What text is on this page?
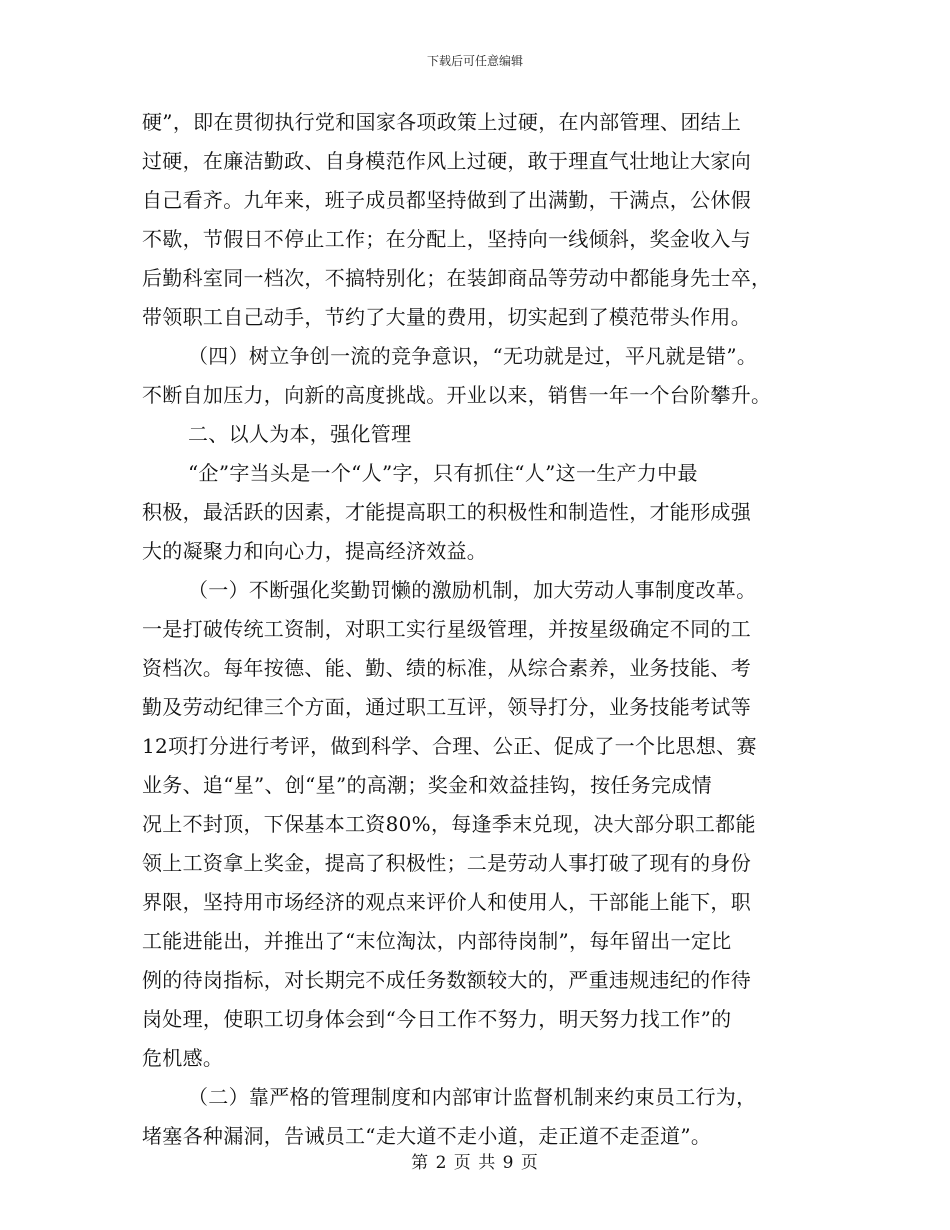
下载后可任意编辑
硬”，即在贯彻执行党和国家各项政策上过硬，在内部管理、团结上
过硬，在廉洁勤政、自身模范作风上过硬，敢于理直气壮地让大家向
自己看齐。九年来，班子成员都坚持做到了出满勤，干满点，公休假
不歇，节假日不停止工作；在分配上，坚持向一线倾斜，奖金收入与
后勤科室同一档次，不搞特别化；在装卸商品等劳动中都能身先士卒，
带领职工自己动手，节约了大量的费用，切实起到了模范带头作用。
（四）树立争创一流的竞争意识，“无功就是过，平凡就是错”。
不断自加压力，向新的高度挑战。开业以来，销售一年一个台阶攀升。
二、以人为本，强化管理
“企”字当头是一个“人”字，只有抓住“人”这一生产力中最
积极，最活跃的因素，才能提高职工的积极性和制造性，才能形成强
大的凝聚力和向心力，提高经济效益。
（一）不断强化奖勤罚懒的激励机制，加大劳动人事制度改革。
一是打破传统工资制，对职工实行星级管理，并按星级确定不同的工
资档次。每年按德、能、勤、绩的标准，从综合素养，业务技能、考
勤及劳动纪律三个方面，通过职工互评，领导打分，业务技能考试等
12项打分进行考评，做到科学、合理、公正、促成了一个比思想、赛
业务、追“星”、创“星”的高潮；奖金和效益挂钩，按任务完成情
况上不封顶，下保基本工资80%，每逢季末兑现，决大部分职工都能
领上工资拿上奖金，提高了积极性；二是劳动人事打破了现有的身份
界限，坚持用市场经济的观点来评价人和使用人，干部能上能下，职
工能进能出，并推出了“末位淘汰，内部待岗制”，每年留出一定比
例的待岗指标，对长期完不成任务数额较大的，严重违规违纪的作待
岗处理，使职工切身体会到“今日工作不努力，明天努力找工作”的
危机感。
（二）靠严格的管理制度和内部审计监督机制来约束员工行为，
堵塞各种漏洞，告诫员工“走大道不走小道，走正道不走歪道”。
第 2 页 共 9 页
